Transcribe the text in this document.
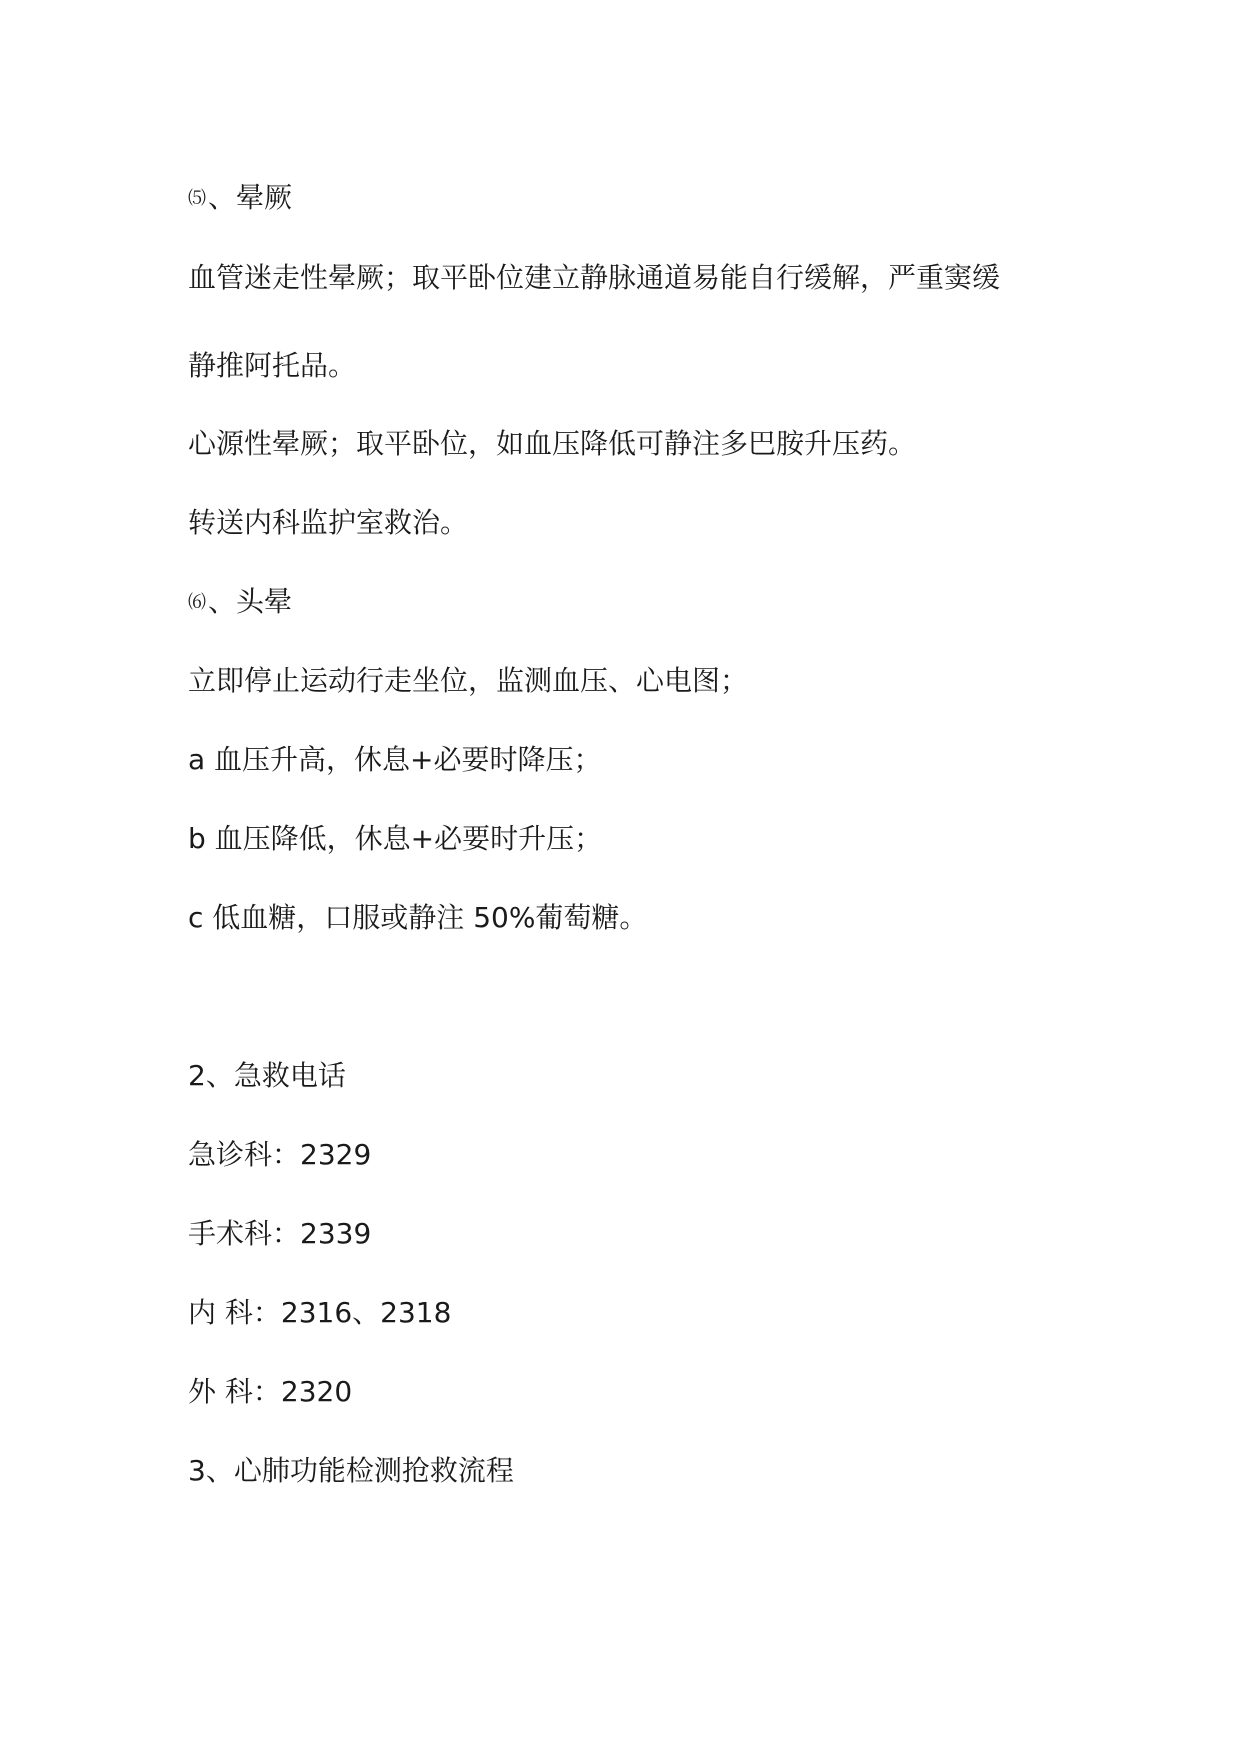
⑸、晕厥

血管迷走性晕厥；取平卧位建立静脉通道易能自行缓解，严重窦缓

静推阿托品。

心源性晕厥；取平卧位，如血压降低可静注多巴胺升压药。

转送内科监护室救治。

⑹、头晕

立即停止运动行走坐位，监测血压、心电图；

a 血压升高，休息+必要时降压；

b 血压降低，休息+必要时升压；

c 低血糖，口服或静注 50%葡萄糖。

2、急救电话

急诊科：2329

手术科：2339

内 科：2316、2318

外 科：2320

3、心肺功能检测抢救流程
